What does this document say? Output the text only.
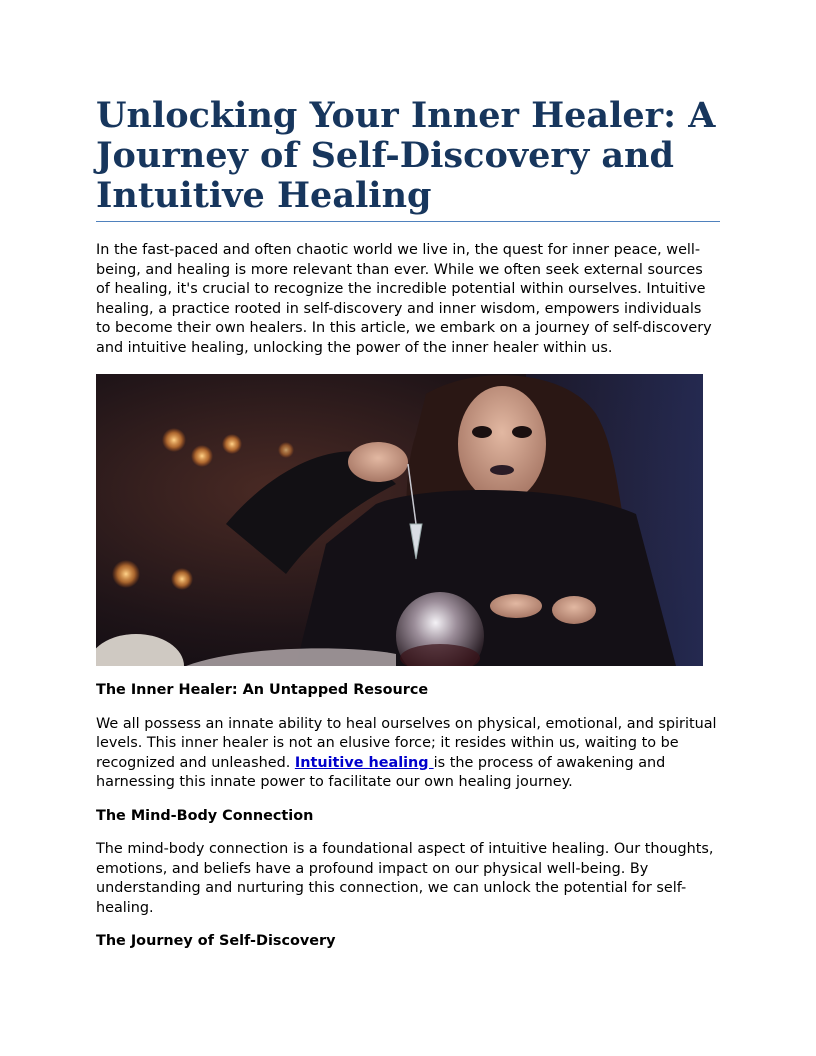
Unlocking Your Inner Healer: A Journey of Self-Discovery and Intuitive Healing

In the fast-paced and often chaotic world we live in, the quest for inner peace, well-being, and healing is more relevant than ever. While we often seek external sources of healing, it's crucial to recognize the incredible potential within ourselves. Intuitive healing, a practice rooted in self-discovery and inner wisdom, empowers individuals to become their own healers. In this article, we embark on a journey of self-discovery and intuitive healing, unlocking the power of the inner healer within us.

The Inner Healer: An Untapped Resource

We all possess an innate ability to heal ourselves on physical, emotional, and spiritual levels. This inner healer is not an elusive force; it resides within us, waiting to be recognized and unleashed. Intuitive healing is the process of awakening and harnessing this innate power to facilitate our own healing journey.

The Mind-Body Connection

The mind-body connection is a foundational aspect of intuitive healing. Our thoughts, emotions, and beliefs have a profound impact on our physical well-being. By understanding and nurturing this connection, we can unlock the potential for self-healing.

The Journey of Self-Discovery
